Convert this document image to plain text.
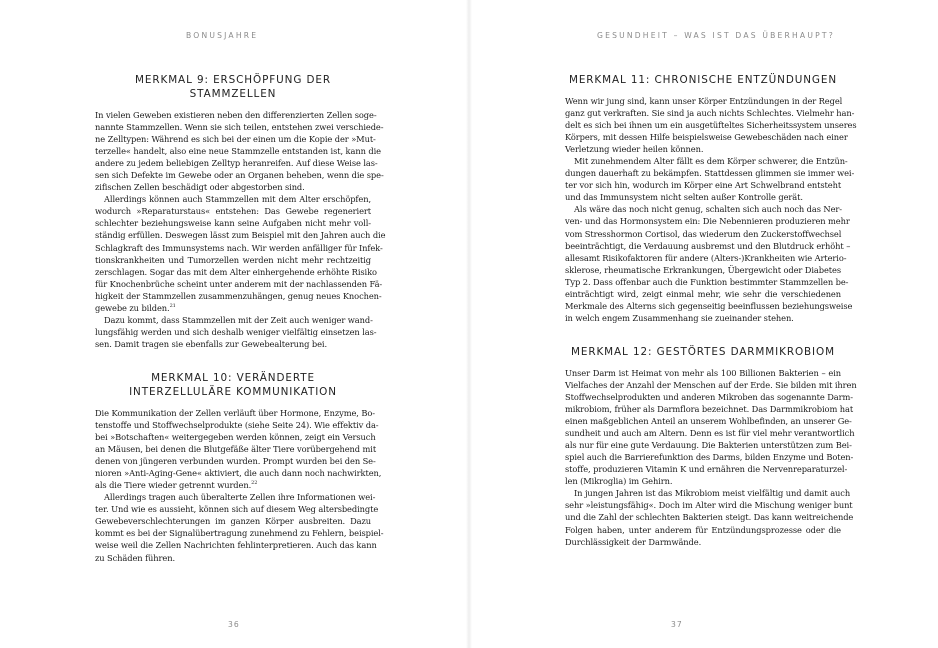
BONUSJAHRE
MERKMAL 9: ERSCHÖPFUNG DER STAMMZELLEN

In vielen Geweben existieren neben den differenzierten Zellen soge-
nannte Stammzellen. Wenn sie sich teilen, entstehen zwei verschiede-
ne Zelltypen: Während es sich bei der einen um die Kopie der »Mut-
terzelle« handelt, also eine neue Stammzelle entstanden ist, kann die
andere zu jedem beliebigen Zelltyp heranreifen. Auf diese Weise las-
sen sich Defekte im Gewebe oder an Organen beheben, wenn die spe-
zifischen Zellen beschädigt oder abgestorben sind.

Allerdings können auch Stammzellen mit dem Alter erschöpfen,
wodurch »Reparaturstaus« entstehen: Das Gewebe regeneriert
schlechter beziehungsweise kann seine Aufgaben nicht mehr voll-
ständig erfüllen. Deswegen lässt zum Beispiel mit den Jahren auch die
Schlagkraft des Immunsystems nach. Wir werden anfälliger für Infek-
tionskrankheiten und Tumorzellen werden nicht mehr rechtzeitig
zerschlagen. Sogar das mit dem Alter einhergehende erhöhte Risiko
für Knochenbrüche scheint unter anderem mit der nachlassenden Fä-
higkeit der Stammzellen zusammenzuhängen, genug neues Knochen-
gewebe zu bilden.$^{21}$

Dazu kommt, dass Stammzellen mit der Zeit auch weniger wand-
lungsfähig werden und sich deshalb weniger vielfältig einsetzen las-
sen. Damit tragen sie ebenfalls zur Gewebealterung bei.

MERKMAL 10: VERÄNDERTE
INTERZELLULÄRE KOMMUNIKATION

Die Kommunikation der Zellen verläuft über Hormone, Enzyme, Bo-
tenstoffe und Stoffwechselprodukte (siehe Seite 24). Wie effektiv da-
bei »Botschaften« weitergegeben werden können, zeigt ein Versuch
an Mäusen, bei denen die Blutgefäße älter Tiere vorübergehend mit
denen von jüngeren verbunden wurden. Prompt wurden bei den Se-
nioren »Anti-Aging-Gene« aktiviert, die auch dann noch nachwirkten,
als die Tiere wieder getrennt wurden.$^{22}$

Allerdings tragen auch überalterte Zellen ihre Informationen wei-
ter. Und wie es aussieht, können sich auf diesem Weg altersbedingte
Gewebeverschlechterungen im ganzen Körper ausbreiten. Dazu
kommt es bei der Signalübertragung zunehmend zu Fehlern, beispiel-
weise weil die Zellen Nachrichten fehlinterpretieren. Auch das kann
zu Schäden führen.

36
GESUNDHEIT – WAS IST DAS ÜBERHAUPT?
MERKMAL 11: CHRONISCHE ENTZÜNDUNGEN

Wenn wir jung sind, kann unser Körper Entzündungen in der Regel
ganz gut verkraften. Sie sind ja auch nichts Schlechtes. Vielmehr han-
delt es sich bei ihnen um ein ausgetüfteltes Sicherheitssystem unseres
Körpers, mit dessen Hilfe beispielsweise Gewebeschäden nach einer
Verletzung wieder heilen können.

Mit zunehmendem Alter fällt es dem Körper schwerer, die Entzün-
dungen dauerhaft zu bekämpfen. Stattdessen glimmen sie immer wei-
ter vor sich hin, wodurch im Körper eine Art Schwelbrand entsteht
und das Immunsystem nicht selten außer Kontrolle gerät.

Als wäre das noch nicht genug, schalten sich auch noch das Ner-
ven- und das Hormonsystem ein: Die Nebennieren produzieren mehr
vom Stresshormon Cortisol, das wiederum den Zuckerstoffwechsel
beeinträchtigt, die Verdauung ausbremst und den Blutdruck erhöht –
allesamt Risikofaktoren für andere (Alters-)Krankheiten wie Arterio-
sklerose, rheumatische Erkrankungen, Übergewicht oder Diabetes
Typ 2. Dass offenbar auch die Funktion bestimmter Stammzellen be-
einträchtigt wird, zeigt einmal mehr, wie sehr die verschiedenen
Merkmale des Alterns sich gegenseitig beeinflussen beziehungsweise
in welch engem Zusammenhang sie zueinander stehen.

MERKMAL 12: GESTÖRTES DARMMIKROBIOM

Unser Darm ist Heimat von mehr als 100 Billionen Bakterien – ein
Vielfaches der Anzahl der Menschen auf der Erde. Sie bilden mit ihren
Stoffwechselprodukten und anderen Mikroben das sogenannte Darm-
mikrobiom, früher als Darmflora bezeichnet. Das Darmmikrobiom hat
einen maßgeblichen Anteil an unserem Wohlbefinden, an unserer Ge-
sundheit und auch am Altern. Denn es ist für viel mehr verantwortlich
als nur für eine gute Verdauung. Die Bakterien unterstützen zum Bei-
spiel auch die Barrierefunktion des Darms, bilden Enzyme und Boten-
stoffe, produzieren Vitamin K und ernähren die Nervenreparaturzel-
len (Mikroglia) im Gehirn.

In jungen Jahren ist das Mikrobiom meist vielfältig und damit auch
sehr »leistungsfähig«. Doch im Alter wird die Mischung weniger bunt
und die Zahl der schlechten Bakterien steigt. Das kann weitreichende
Folgen haben, unter anderem für Entzündungsprozesse oder die
Durchlässigkeit der Darmwände.

37
